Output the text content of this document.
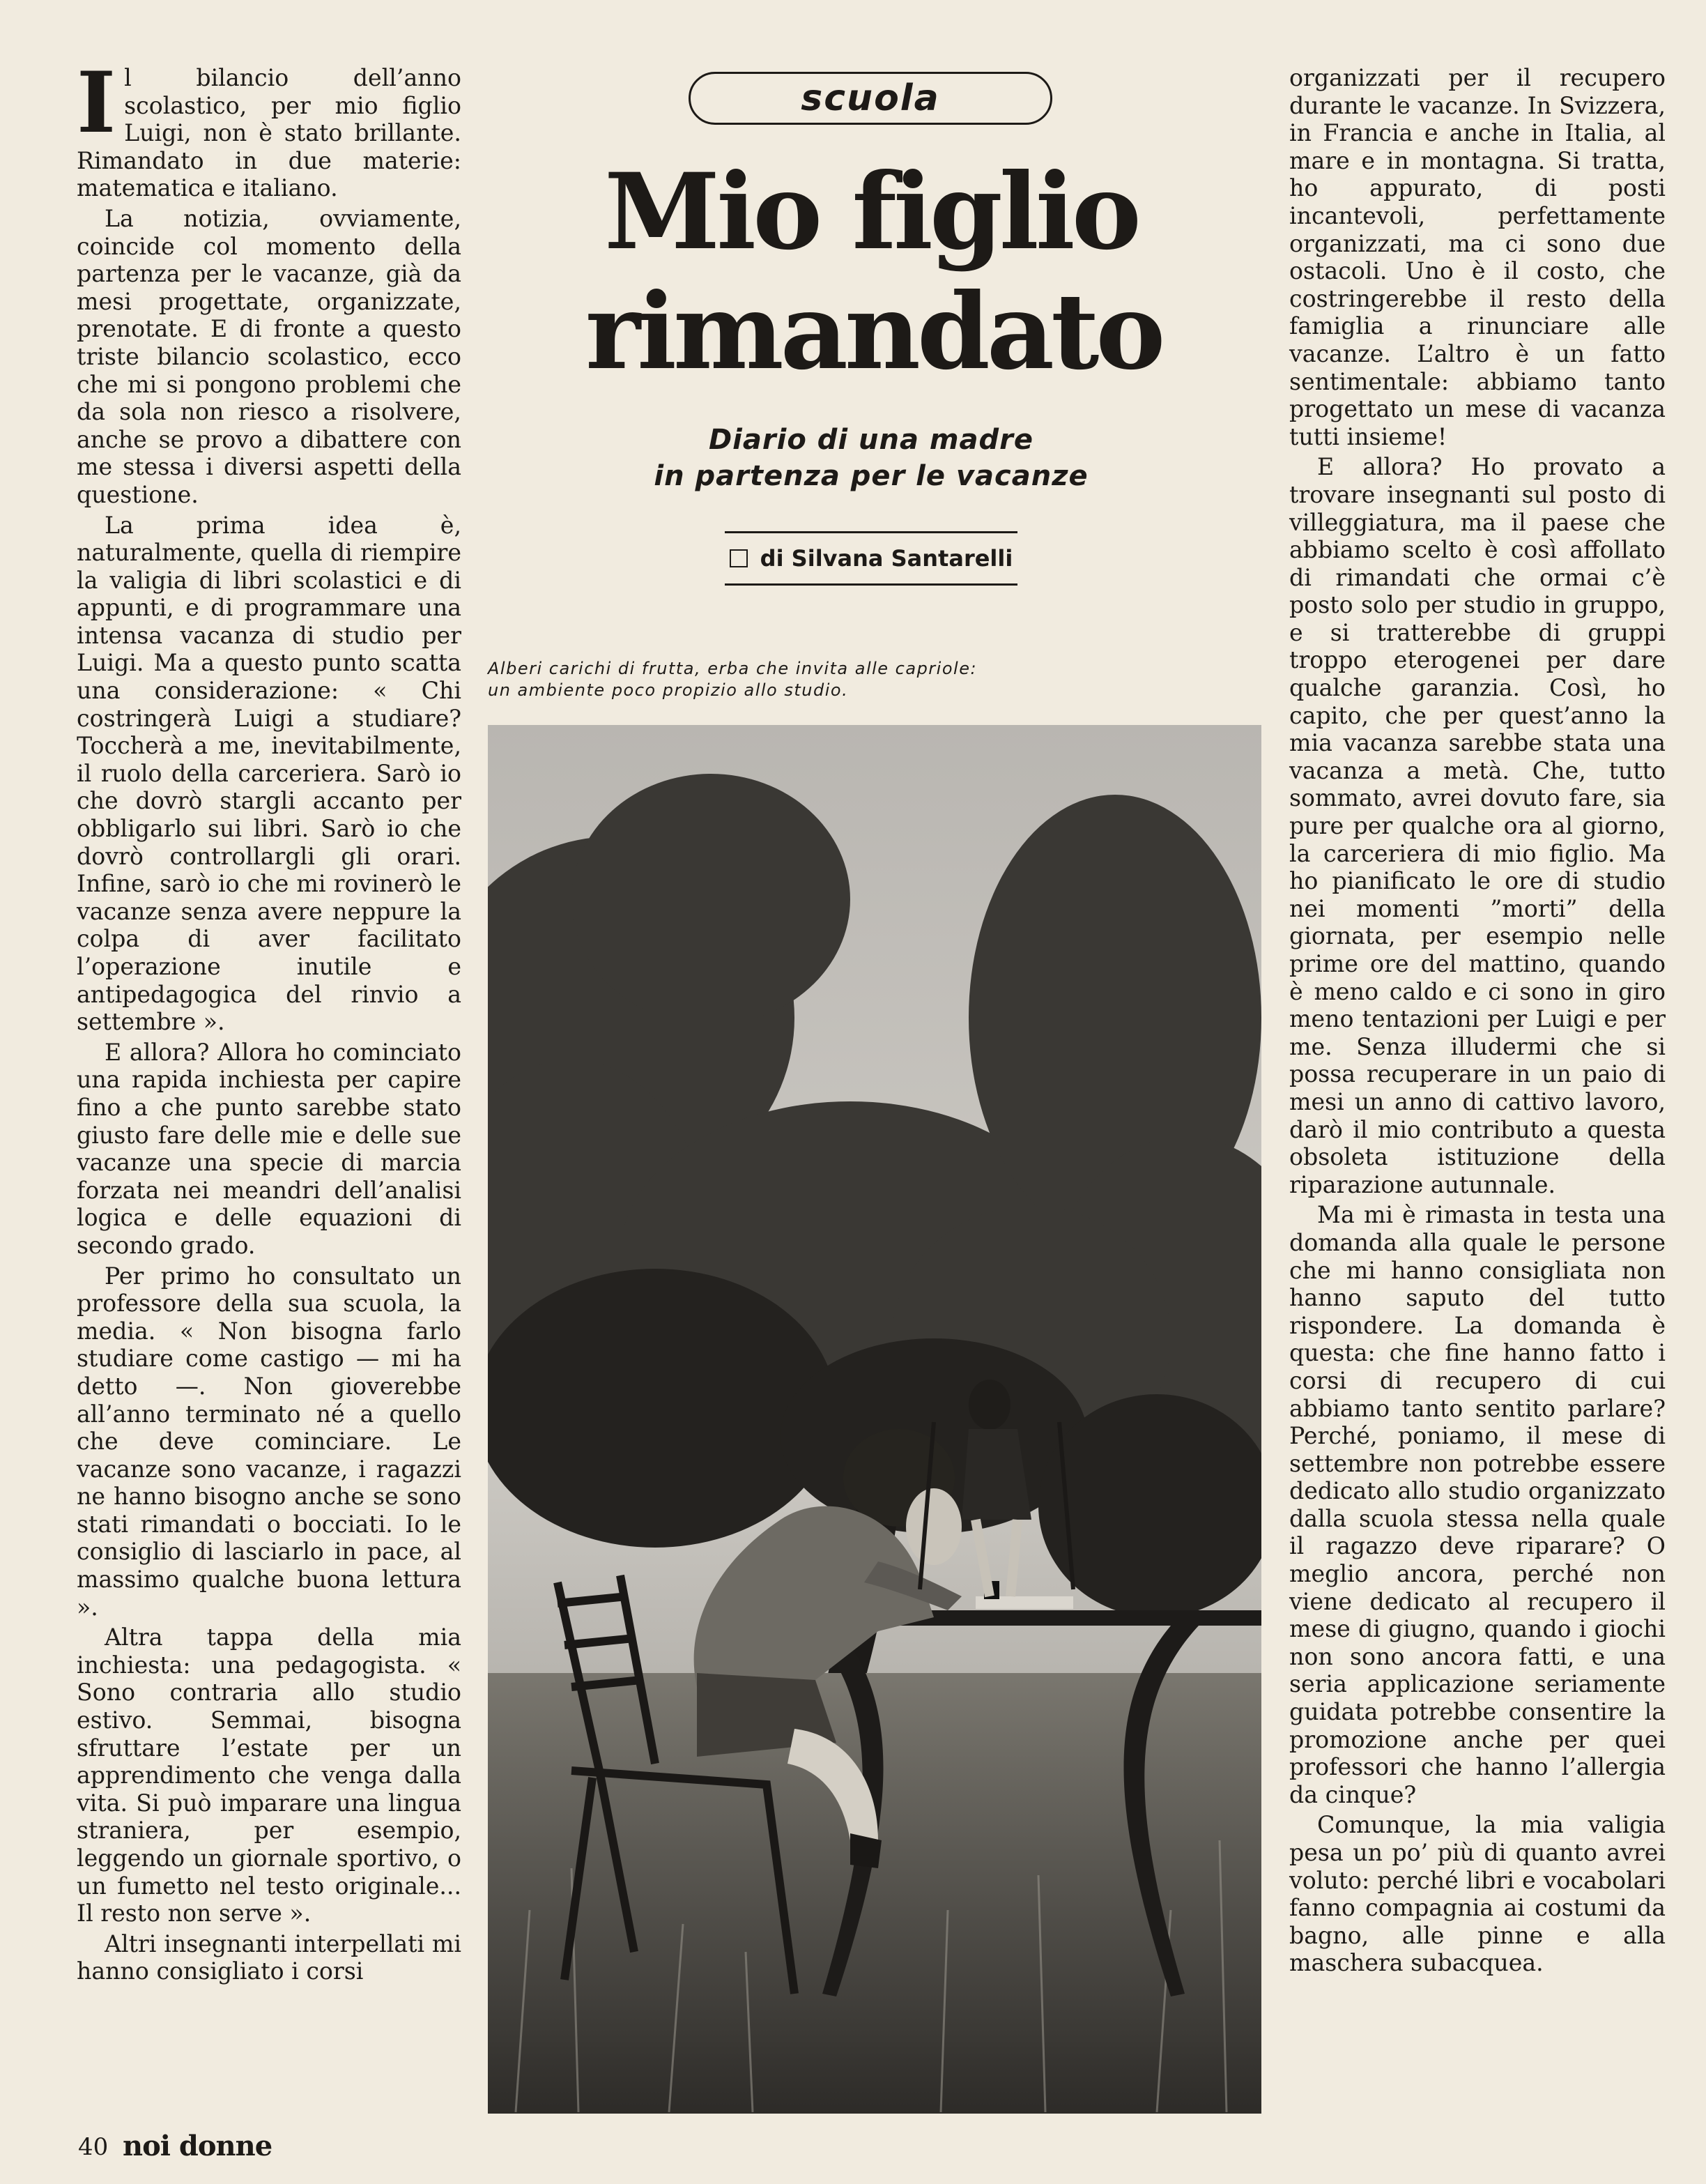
Il bilancio dell’anno scolastico, per mio figlio Luigi, non è stato brillante. Rimandato in due materie: matematica e italiano.

La notizia, ovviamente, coincide col momento della partenza per le vacanze, già da mesi progettate, organizzate, prenotate. E di fronte a questo triste bilancio scolastico, ecco che mi si pongono problemi che da sola non riesco a risolvere, anche se provo a dibattere con me stessa i diversi aspetti della questione.

La prima idea è, naturalmente, quella di riempire la valigia di libri scolastici e di appunti, e di programmare una intensa vacanza di studio per Luigi. Ma a questo punto scatta una considerazione: « Chi costringerà Luigi a studiare? Toccherà a me, inevitabilmente, il ruolo della carceriera. Sarò io che dovrò stargli accanto per obbligarlo sui libri. Sarò io che dovrò controllargli gli orari. Infine, sarò io che mi rovinerò le vacanze senza avere neppure la colpa di aver facilitato l’operazione inutile e antipedagogica del rinvio a settembre ».

E allora? Allora ho cominciato una rapida inchiesta per capire fino a che punto sarebbe stato giusto fare delle mie e delle sue vacanze una specie di marcia forzata nei meandri dell’analisi logica e delle equazioni di secondo grado.

Per primo ho consultato un professore della sua scuola, la media. « Non bisogna farlo studiare come castigo — mi ha detto —. Non gioverebbe all’anno terminato né a quello che deve cominciare. Le vacanze sono vacanze, i ragazzi ne hanno bisogno anche se sono stati rimandati o bocciati. Io le consiglio di lasciarlo in pace, al massimo qualche buona lettura ».

Altra tappa della mia inchiesta: una pedagogista. « Sono contraria allo studio estivo. Semmai, bisogna sfruttare l’estate per un apprendimento che venga dalla vita. Si può imparare una lingua straniera, per esempio, leggendo un giornale sportivo, o un fumetto nel testo originale... Il resto non serve ».

Altri insegnanti interpellati mi hanno consigliato i corsi

scuola
Mio figlio
rimandato
Diario di una madre
in partenza per le vacanze
di Silvana Santarelli
Alberi carichi di frutta, erba che invita alle capriole:
un ambiente poco propizio allo studio.

organizzati per il recupero durante le vacanze. In Svizzera, in Francia e anche in Italia, al mare e in montagna. Si tratta, ho appurato, di posti incantevoli, perfettamente organizzati, ma ci sono due ostacoli. Uno è il costo, che costringerebbe il resto della famiglia a rinunciare alle vacanze. L’altro è un fatto sentimentale: abbiamo tanto progettato un mese di vacanza tutti insieme!

E allora? Ho provato a trovare insegnanti sul posto di villeggiatura, ma il paese che abbiamo scelto è così affollato di rimandati che ormai c’è posto solo per studio in gruppo, e si tratterebbe di gruppi troppo eterogenei per dare qualche garanzia. Così, ho capito, che per quest’anno la mia vacanza sarebbe stata una vacanza a metà. Che, tutto sommato, avrei dovuto fare, sia pure per qualche ora al giorno, la carceriera di mio figlio. Ma ho pianificato le ore di studio nei momenti ”morti” della giornata, per esempio nelle prime ore del mattino, quando è meno caldo e ci sono in giro meno tentazioni per Luigi e per me. Senza illudermi che si possa recuperare in un paio di mesi un anno di cattivo lavoro, darò il mio contributo a questa obsoleta istituzione della riparazione autunnale.

Ma mi è rimasta in testa una domanda alla quale le persone che mi hanno consigliata non hanno saputo del tutto rispondere. La domanda è questa: che fine hanno fatto i corsi di recupero di cui abbiamo tanto sentito parlare? Perché, poniamo, il mese di settembre non potrebbe essere dedicato allo studio organizzato dalla scuola stessa nella quale il ragazzo deve riparare? O meglio ancora, perché non viene dedicato al recupero il mese di giugno, quando i giochi non sono ancora fatti, e una seria applicazione seriamente guidata potrebbe consentire la promozione anche per quei professori che hanno l’allergia da cinque?

Comunque, la mia valigia pesa un po’ più di quanto avrei voluto: perché libri e vocabolari fanno compagnia ai costumi da bagno, alle pinne e alla maschera subacquea.

40 noi donne
